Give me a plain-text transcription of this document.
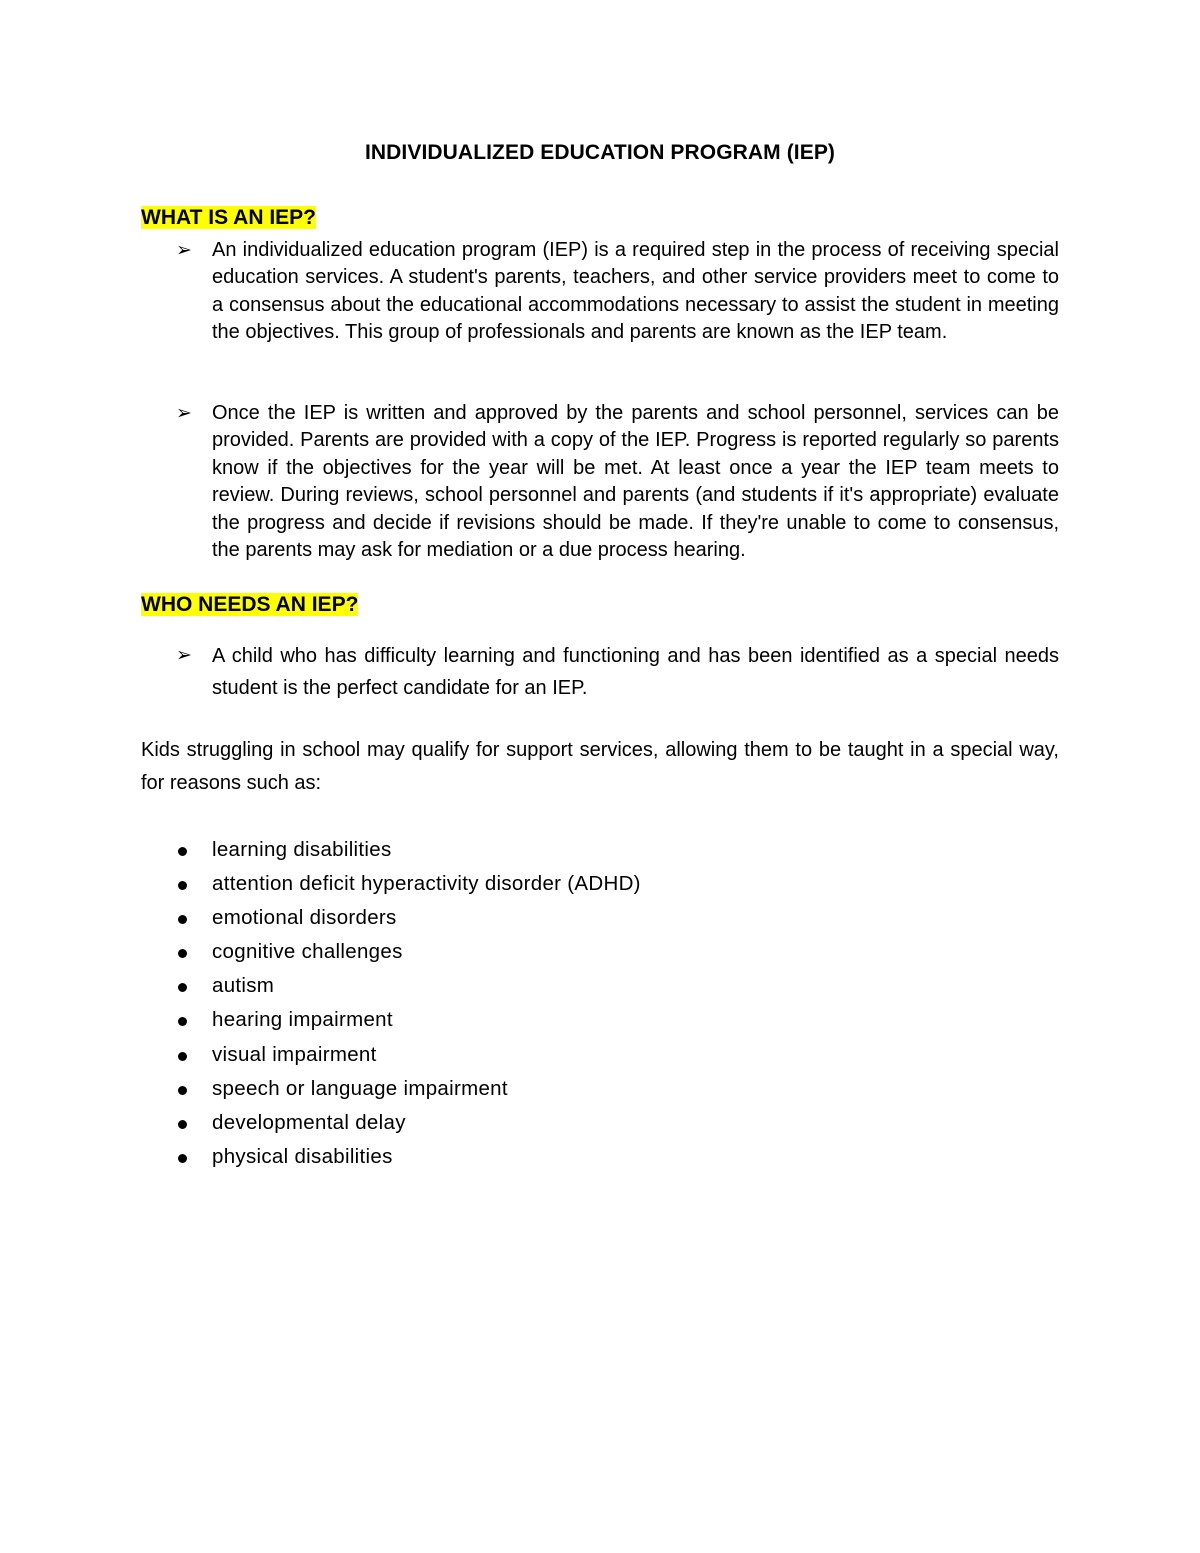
INDIVIDUALIZED EDUCATION PROGRAM (IEP)
WHAT IS AN IEP?
➢	An individualized education program (IEP) is a required step in the process of receiving special education services. A student's parents, teachers, and other service providers meet to come to a consensus about the educational accommodations necessary to assist the student in meeting the objectives. This group of professionals and parents are known as the IEP team.
➢	Once the IEP is written and approved by the parents and school personnel, services can be provided. Parents are provided with a copy of the IEP. Progress is reported regularly so parents know if the objectives for the year will be met. At least once a year the IEP team meets to review. During reviews, school personnel and parents (and students if it's appropriate) evaluate the progress and decide if revisions should be made. If they're unable to come to consensus, the parents may ask for mediation or a due process hearing.
WHO NEEDS AN IEP?
➢	A child who has difficulty learning and functioning and has been identified as a special needs student is the perfect candidate for an IEP.
Kids struggling in school may qualify for support services, allowing them to be taught in a special way, for reasons such as:
learning disabilities
attention deficit hyperactivity disorder (ADHD)
emotional disorders
cognitive challenges
autism
hearing impairment
visual impairment
speech or language impairment
developmental delay
physical disabilities
